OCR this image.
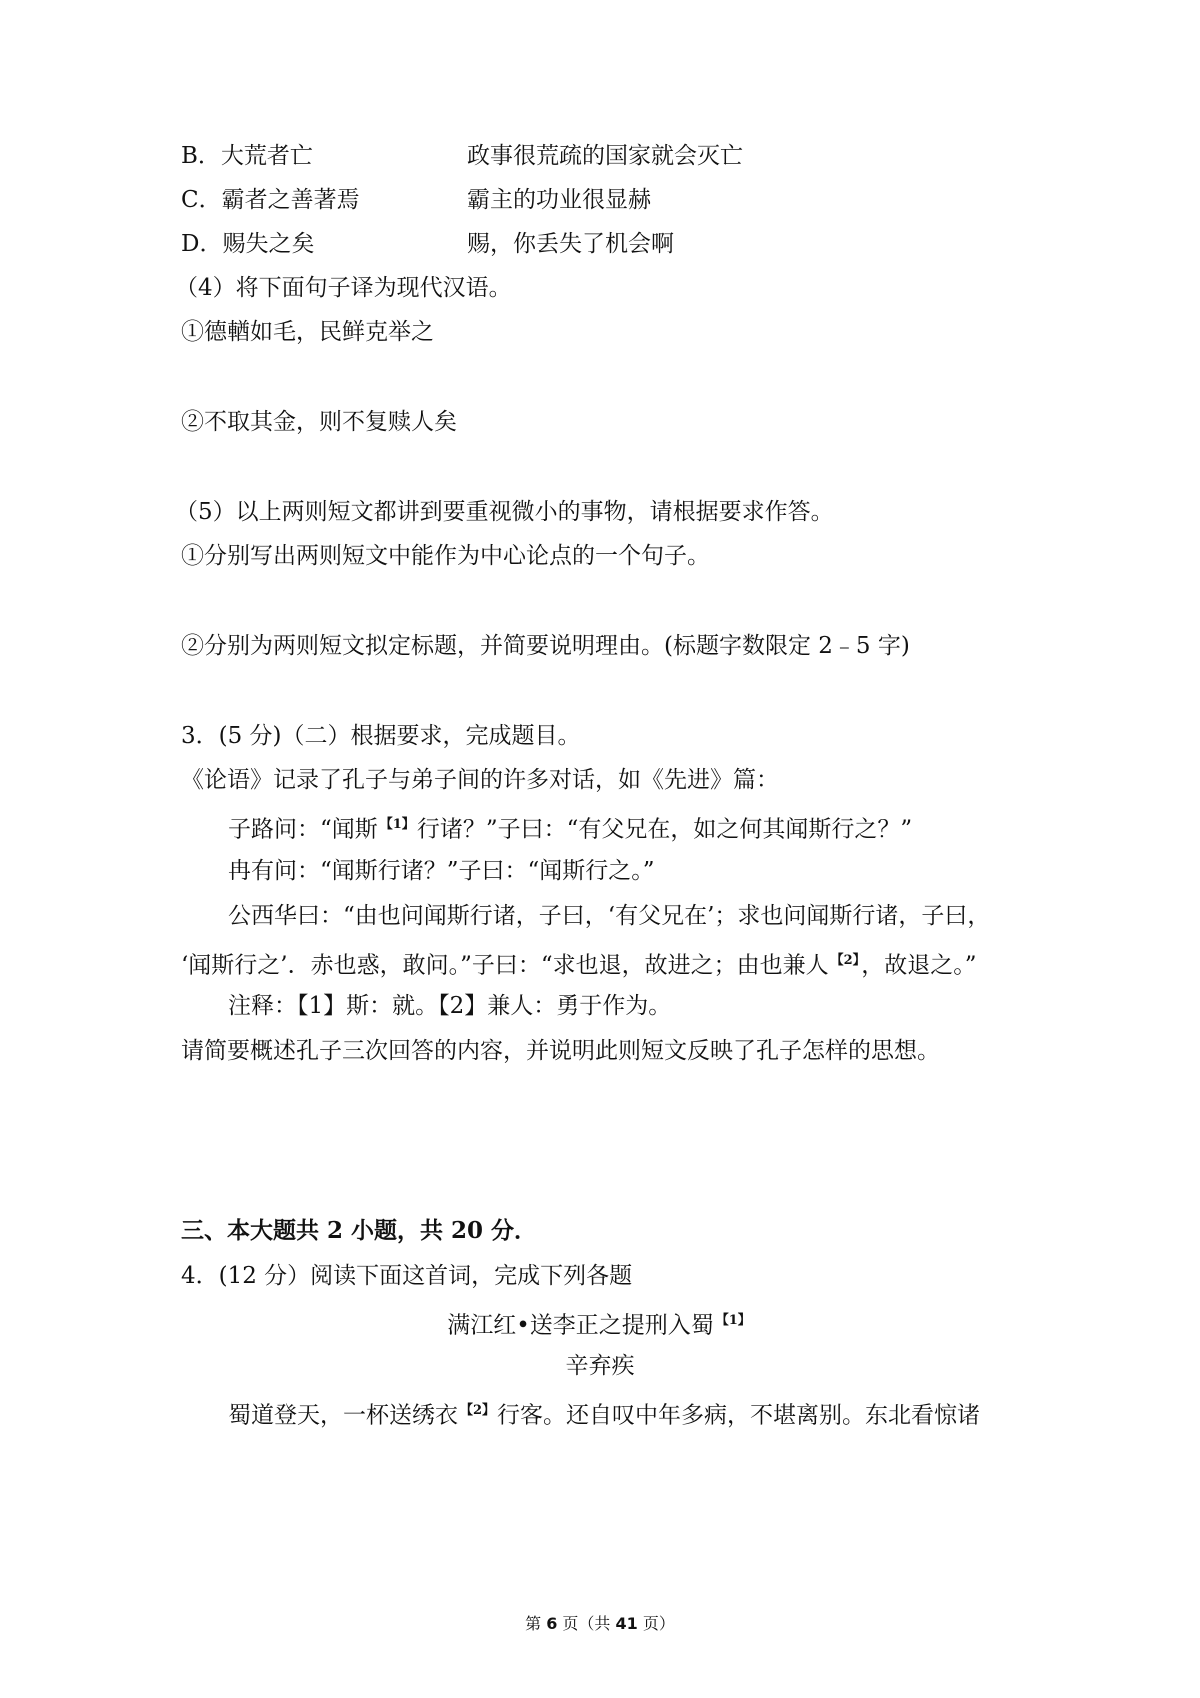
B．大荒者亡	政事很荒疏的国家就会灭亡
C．霸者之善著焉	霸主的功业很显赫
D．赐失之矣	赐，你丢失了机会啊
（4）将下面句子译为现代汉语。
①德輶如毛，民鲜克举之
②不取其金，则不复赎人矣
（5）以上两则短文都讲到要重视微小的事物，请根据要求作答。
①分别写出两则短文中能作为中心论点的一个句子。
②分别为两则短文拟定标题，并简要说明理由。(标题字数限定 2﹣5 字)
3．(5 分)（二）根据要求，完成题目。
《论语》记录了孔子与弟子间的许多对话，如《先进》篇：
子路问：“闻斯 $^{【1】}$行诸？”子曰：“有父兄在，如之何其闻斯行之？”
冉有问：“闻斯行诸？”子曰：“闻斯行之。”
公西华曰：“由也问闻斯行诸，子曰，‘有父兄在’；求也问闻斯行诸，子曰，
‘闻斯行之’．赤也惑，敢问。”子曰：“求也退，故进之；由也兼人 $^{【2】}$，故退之。”
注释：【1】斯：就。【2】兼人：勇于作为。
请简要概述孔子三次回答的内容，并说明此则短文反映了孔子怎样的思想。
三、本大题共 2 小题，共 20 分．
4．(12 分）阅读下面这首词，完成下列各题
满江红•送李正之提刑入蜀 $^{【1】}$
辛弃疾
蜀道登天，一杯送绣衣 $^{【2】}$行客。还自叹中年多病，不堪离别。东北看惊诸
第 6 页（共 41 页）
